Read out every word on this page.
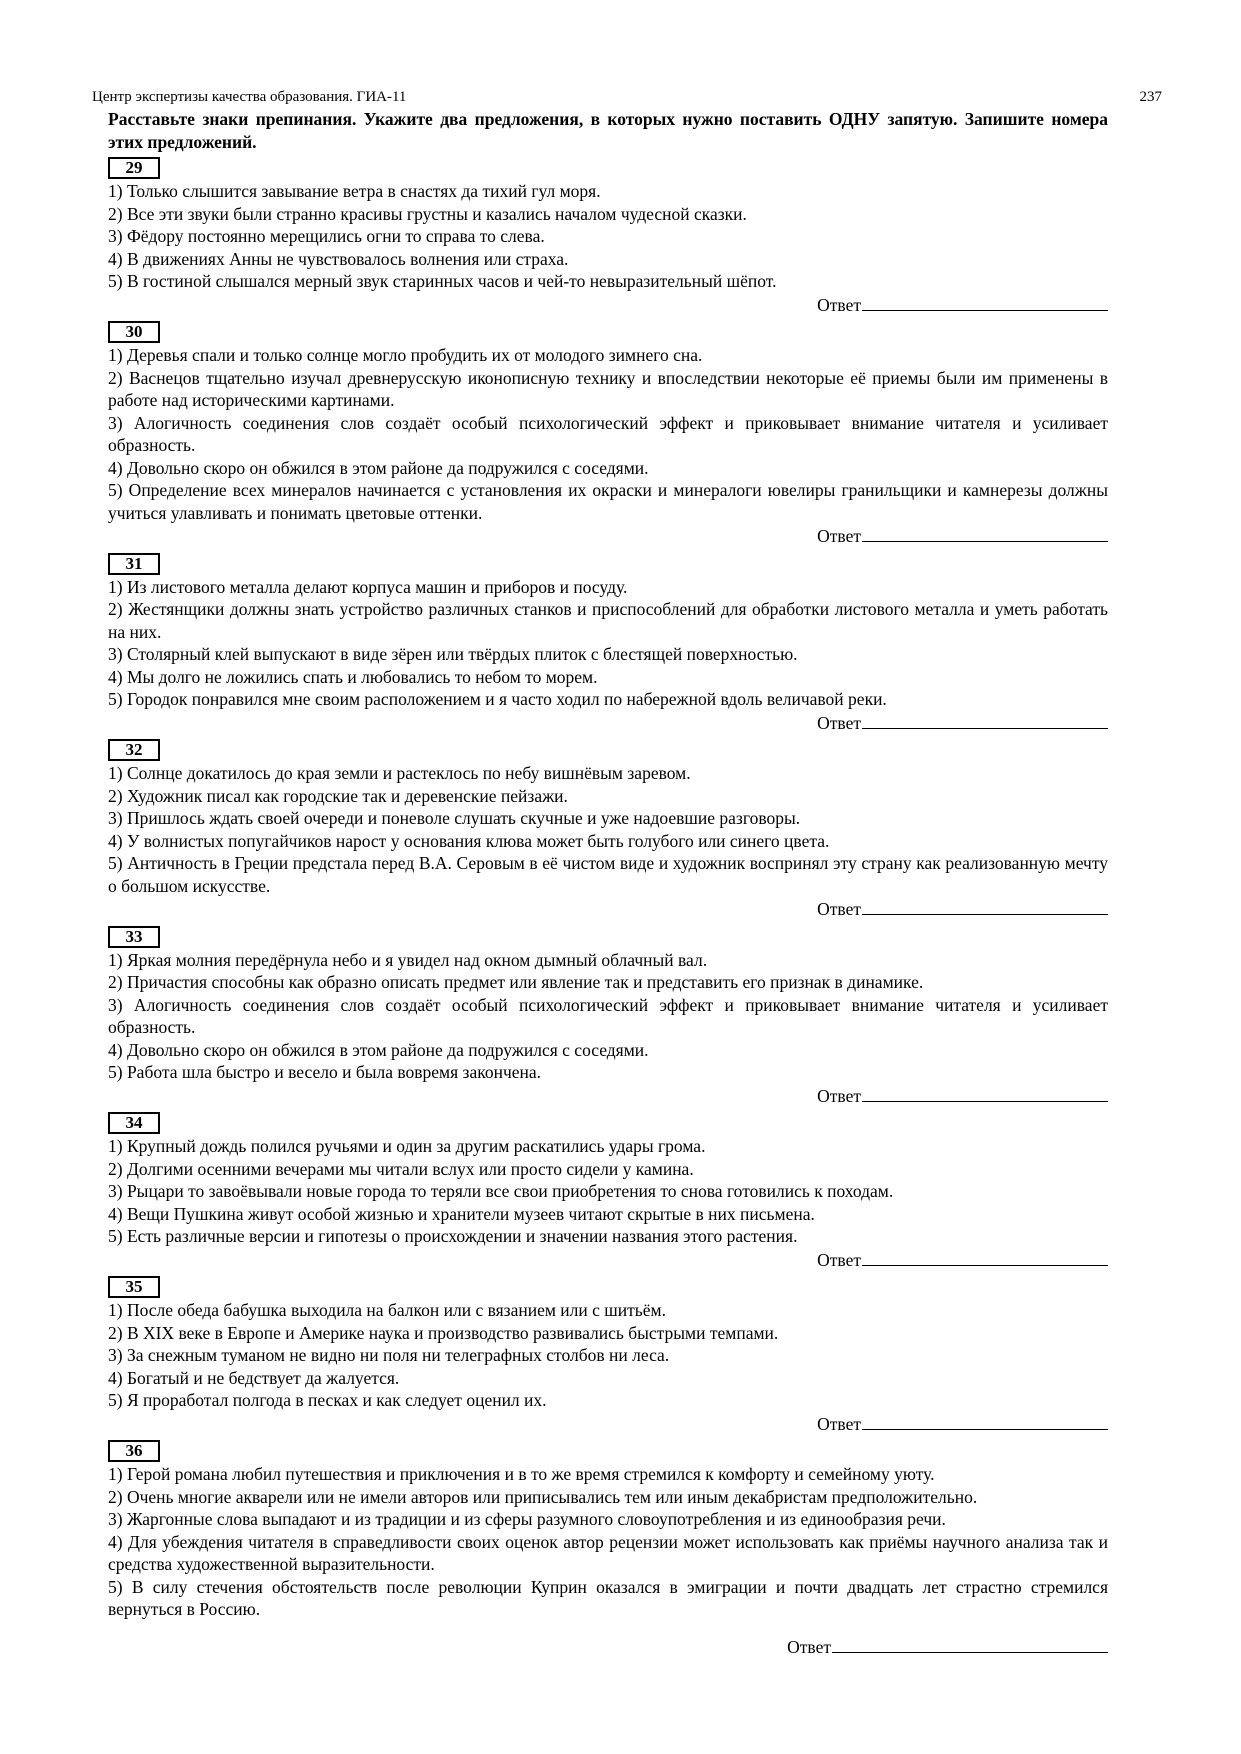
Центр экспертизы качества образования. ГИА-11	237
Расставьте знаки препинания. Укажите два предложения, в которых нужно поставить ОДНУ запятую. Запишите номера этих предложений.
29
1) Только слышится завывание ветра в снастях да тихий гул моря.
2) Все эти звуки были странно красивы грустны и казались началом чудесной сказки.
3) Фёдору постоянно мерещились огни то справа то слева.
4) В движениях Анны не чувствовалось волнения или страха.
5) В гостиной слышался мерный звук старинных часов и чей-то невыразительный шёпот.
Ответ
30
1) Деревья спали и только солнце могло пробудить их от молодого зимнего сна.
2) Васнецов тщательно изучал древнерусскую иконописную технику и впоследствии некоторые её приемы были им применены в работе над историческими картинами.
3) Алогичность соединения слов создаёт особый психологический эффект и приковывает внимание читателя и усиливает образность.
4) Довольно скоро он обжился в этом районе да подружился с соседями.
5) Определение всех минералов начинается с установления их окраски и минералоги ювелиры гранильщики и камнерезы должны учиться улавливать и понимать цветовые оттенки.
Ответ
31
1) Из листового металла делают корпуса машин и приборов и посуду.
2) Жестянщики должны знать устройство различных станков и приспособлений для обработки листового металла и уметь работать на них.
3) Столярный клей выпускают в виде зёрен или твёрдых плиток с блестящей поверхностью.
4) Мы долго не ложились спать и любовались то небом то морем.
5) Городок понравился мне своим расположением и я часто ходил по набережной вдоль величавой реки.
Ответ
32
1) Солнце докатилось до края земли и растеклось по небу вишнёвым заревом.
2) Художник писал как городские так и деревенские пейзажи.
3) Пришлось ждать своей очереди и поневоле слушать скучные и уже надоевшие разговоры.
4) У волнистых попугайчиков нарост у основания клюва может быть голубого или синего цвета.
5) Античность в Греции предстала перед В.А. Серовым в её чистом виде и художник воспринял эту страну как реализованную мечту о большом искусстве.
Ответ
33
1) Яркая молния передёрнула небо и я увидел над окном дымный облачный вал.
2) Причастия способны как образно описать предмет или явление так и представить его признак в динамике.
3) Алогичность соединения слов создаёт особый психологический эффект и приковывает внимание читателя и усиливает образность.
4) Довольно скоро он обжился в этом районе да подружился с соседями.
5) Работа шла быстро и весело и была вовремя закончена.
Ответ
34
1) Крупный дождь полился ручьями и один за другим раскатились удары грома.
2) Долгими осенними вечерами мы читали вслух или просто сидели у камина.
3) Рыцари то завоёвывали новые города то теряли все свои приобретения то снова готовились к походам.
4) Вещи Пушкина живут особой жизнью и хранители музеев читают скрытые в них письмена.
5) Есть различные версии и гипотезы о происхождении и значении названия этого растения.
Ответ
35
1) После обеда бабушка выходила на балкон или с вязанием или с шитьём.
2) В XIX веке в Европе и Америке наука и производство развивались быстрыми темпами.
3) За снежным туманом не видно ни поля ни телеграфных столбов ни леса.
4) Богатый и не бедствует да жалуется.
5) Я проработал полгода в песках и как следует оценил их.
Ответ
36
1) Герой романа любил путешествия и приключения и в то же время стремился к комфорту и семейному уюту.
2) Очень многие акварели или не имели авторов или приписывались тем или иным декабристам предположительно.
3) Жаргонные слова выпадают и из традиции и из сферы разумного словоупотребления и из единообразия речи.
4) Для убеждения читателя в справедливости своих оценок автор рецензии может использовать как приёмы научного анализа так и средства художественной выразительности.
5) В силу стечения обстоятельств после революции Куприн оказался в эмиграции и почти двадцать лет страстно стремился вернуться в Россию.
Ответ
